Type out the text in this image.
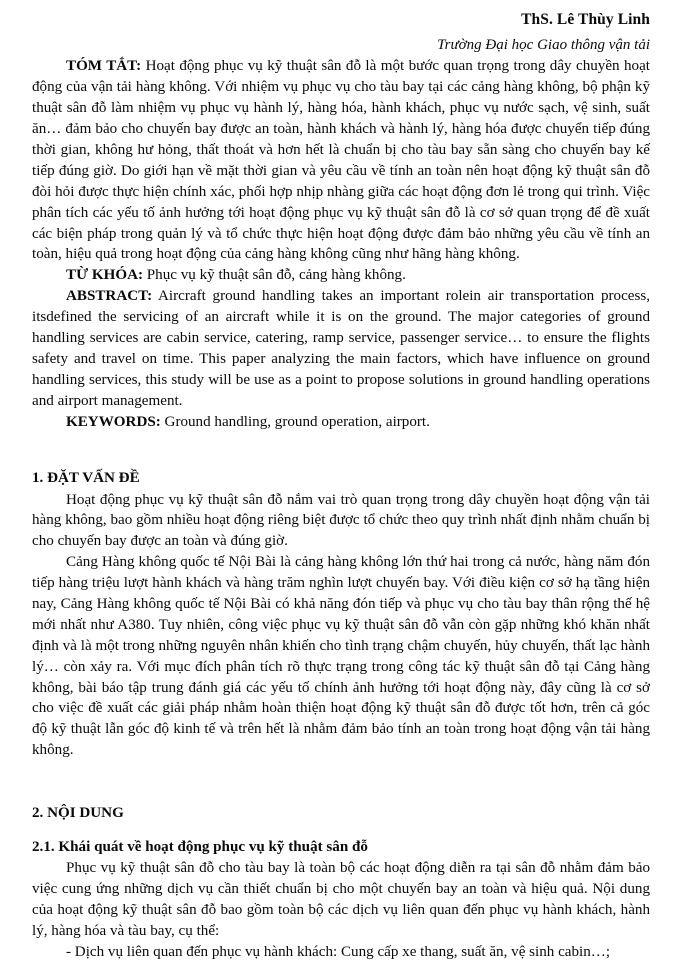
ThS. Lê Thùy Linh
Trường Đại học Giao thông vận tải

TÓM TẮT: Hoạt động phục vụ kỹ thuật sân đỗ là một bước quan trọng trong dây chuyền hoạt động của vận tải hàng không. Với nhiệm vụ phục vụ cho tàu bay tại các cảng hàng không, bộ phận kỹ thuật sân đỗ làm nhiệm vụ phục vụ hành lý, hàng hóa, hành khách, phục vụ nước sạch, vệ sinh, suất ăn… đảm bảo cho chuyến bay được an toàn, hành khách và hành lý, hàng hóa được chuyển tiếp đúng thời gian, không hư hỏng, thất thoát và hơn hết là chuẩn bị cho tàu bay sẵn sàng cho chuyến bay kế tiếp đúng giờ. Do giới hạn về mặt thời gian và yêu cầu về tính an toàn nên hoạt động kỹ thuật sân đỗ đòi hỏi được thực hiện chính xác, phối hợp nhịp nhàng giữa các hoạt động đơn lẻ trong qui trình. Việc phân tích các yếu tố ảnh hưởng tới hoạt động phục vụ kỹ thuật sân đỗ là cơ sở quan trọng để đề xuất các biện pháp trong quản lý và tổ chức thực hiện hoạt động được đảm bảo những yêu cầu về tính an toàn, hiệu quả trong hoạt động của cảng hàng không cũng như hãng hàng không.

TỪ KHÓA: Phục vụ kỹ thuật sân đỗ, cảng hàng không.

ABSTRACT: Aircraft ground handling takes an important rolein air transportation process, itsdefined the servicing of an aircraft while it is on the ground. The major categories of ground handling services are cabin service, catering, ramp service, passenger service… to ensure the flights safety and travel on time. This paper analyzing the main factors, which have influence on ground handling services, this study will be use as a point to propose solutions in ground handling operations and airport management.

KEYWORDS: Ground handling, ground operation, airport.

1. ĐẶT VẤN ĐỀ

Hoạt động phục vụ kỹ thuật sân đỗ nắm vai trò quan trọng trong dây chuyền hoạt động vận tải hàng không, bao gồm nhiều hoạt động riêng biệt được tổ chức theo quy trình nhất định nhằm chuẩn bị cho chuyến bay được an toàn và đúng giờ.

Cảng Hàng không quốc tế Nội Bài là cảng hàng không lớn thứ hai trong cả nước, hàng năm đón tiếp hàng triệu lượt hành khách và hàng trăm nghìn lượt chuyến bay. Với điều kiện cơ sở hạ tầng hiện nay, Cảng Hàng không quốc tế Nội Bài có khả năng đón tiếp và phục vụ cho tàu bay thân rộng thế hệ mới nhất như A380. Tuy nhiên, công việc phục vụ kỹ thuật sân đỗ vẫn còn gặp những khó khăn nhất định và là một trong những nguyên nhân khiến cho tình trạng chậm chuyến, hủy chuyến, thất lạc hành lý… còn xảy ra. Với mục đích phân tích rõ thực trạng trong công tác kỹ thuật sân đỗ tại Cảng hàng không, bài báo tập trung đánh giá các yếu tố chính ảnh hưởng tới hoạt động này, đây cũng là cơ sở cho việc đề xuất các giải pháp nhằm hoàn thiện hoạt động kỹ thuật sân đỗ được tốt hơn, trên cả góc độ kỹ thuật lẫn góc độ kinh tế và trên hết là nhằm đảm bảo tính an toàn trong hoạt động vận tải hàng không.

2. NỘI DUNG

2.1. Khái quát về hoạt động phục vụ kỹ thuật sân đỗ

Phục vụ kỹ thuật sân đỗ cho tàu bay là toàn bộ các hoạt động diễn ra tại sân đỗ nhằm đảm bảo việc cung ứng những dịch vụ cần thiết chuẩn bị cho một chuyến bay an toàn và hiệu quả. Nội dung của hoạt động kỹ thuật sân đỗ bao gồm toàn bộ các dịch vụ liên quan đến phục vụ hành khách, hành lý, hàng hóa và tàu bay, cụ thể:

- Dịch vụ liên quan đến phục vụ hành khách: Cung cấp xe thang, suất ăn, vệ sinh cabin…;
